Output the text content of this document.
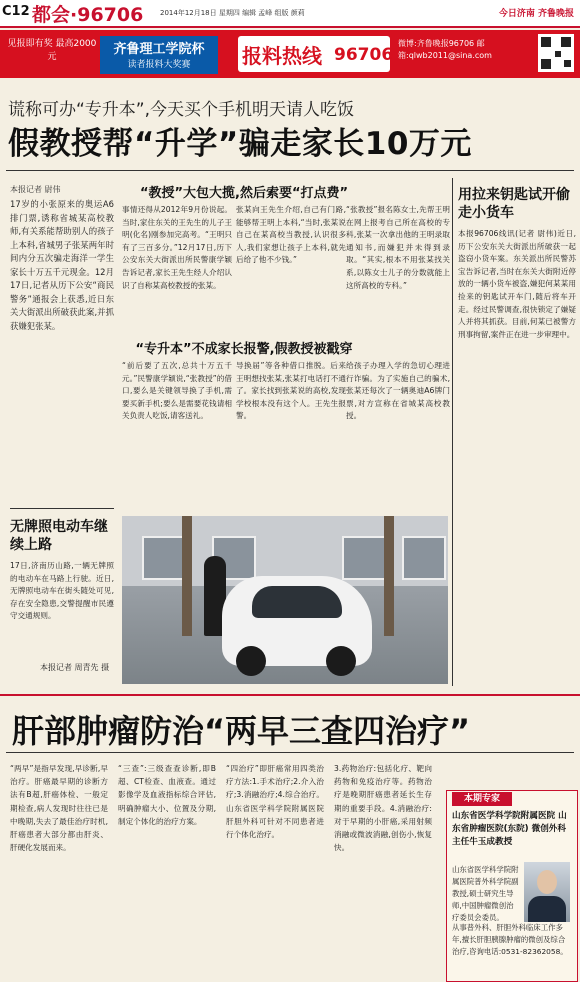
C12 都会·96706 2014年12月18日 星期四 编辑 孟峰 组版 颜莉	今日济南 齐鲁晚报
见报即有奖 最高2000元	齐鲁理工学院杯
读者报料大奖赛	报料热线 96706
微博:齐鲁晚报96706 邮箱:qlwb2011@sina.com
谎称可办“专升本”,今天买个手机明天请人吃饭
假教授帮“升学”骗走家长10万元
本报记者 尉伟
17岁的小张原来的奥运A6排门票,诱称省城某高校教师,有关系能帮助别人的孩子上本科,省城男子张某两年时间内分五次骗走海洋一学生家长十万五千元现金。12月17日,记者从历下公安“商民警务”通报会上获悉,近日东关大街派出所破获此案,并抓获嫌犯张某。
无牌照电动车继续上路
17日,济南历山路,一辆无牌照的电动车在马路上行驶。近日,无牌照电动车在街头随处可见,存在安全隐患,交警提醒市民遵守交通规则。
本报记者 周青先 摄
“教授”大包大揽,然后索要“打点费”
事情还得从2012年9月份说起。当时,家住东关的王先生的儿子王明(化名)刚参加完高考。“王明只有了三百多分。”12月17日,历下公安东关大街派出所民警康学颖告诉记者,家长王先生经人介绍认识了自称某高校教授的张某。
张某向王先生介绍,自己有门路,能够帮王明上本科,“当时,张某说自己在某高校当教授,认识很多人,我们家想让孩子上本科,就先后给了他不少钱。”
“张教授”报名陈女士,先帮王明在网上报考自己所在高校的专科,张某一次拿出他的王明录取通知书,而嫌犯并未得到录取。“其实,根本不用张某找关系,以陈女士儿子的分数就能上这所高校的专科。”
“专升本”不成家长报警,假教授被戳穿
“前后要了五次,总共十万五千元。”民警康学颖说,“张教授”的借口,要么是关键领导换了手机,需要买新手机;要么是需要花钱请相关负责人吃饭,请客送礼。
导换届”等各种借口推脱。后来王明想找张某,张某打电话打不通了。家长找到张某说的高校,发现学校根本没有这个人。王先生报警。
给孩子办理入学的急切心理进行诈骗。为了实施自己的骗术,张某还每次了一辆奥迪A6牌门票,对方宣称在省城某高校教授。
用拉来钥匙试开偷走小货车
本报96706线讯(记者 尉伟)近日,历下公安东关大街派出所破获一起盗窃小货车案。东关派出所民警苏宝告诉记者,当时在东关大街附近停放的一辆小货车被盗,嫌犯何某某用捡来的钥匙试开车门,随后将车开走。经过民警调查,很快锁定了嫌疑人并将其抓获。目前,何某已被警方刑事拘留,案件正在进一步审理中。
肝部肿瘤防治“两早三查四治疗”
“两早”是指早发现,早诊断,早治疗。肝癌最早期的诊断方法有B超,肝癌体检、一般定期检查,病人发现时往往已是中晚期,失去了最佳治疗时机,肝癌患者大部分都由肝炎、肝硬化发展而来。
“三查”:三级查查诊断,即B超、CT检查、血液查。通过影像学及血液指标综合评估,明确肿瘤大小、位置及分期,制定个体化的治疗方案。
“四治疗”即肝癌常用四类治疗方法:1.手术治疗;2.介入治疗;3.消融治疗;4.综合治疗。山东省医学科学院附属医院肝胆外科可针对不同患者进行个体化治疗。
3.药物治疗:包括化疗、靶向药物和免疫治疗等。药物治疗是晚期肝癌患者延长生存期的重要手段。4.消融治疗:对于早期的小肝癌,采用射频消融或微波消融,创伤小,恢复快。
本期专家
山东省医学科学院附属医院 山东省肿瘤医院(东院) 微创外科主任牛玉成教授
山东省医学科学院附属医院普外科学院副教授,硕士研究生导师,中国肿瘤微创治疗委员会委员。
从事普外科、肝胆外科临床工作多年,擅长肝胆胰腺肿瘤的微创及综合治疗,咨询电话:0531-82362058。
